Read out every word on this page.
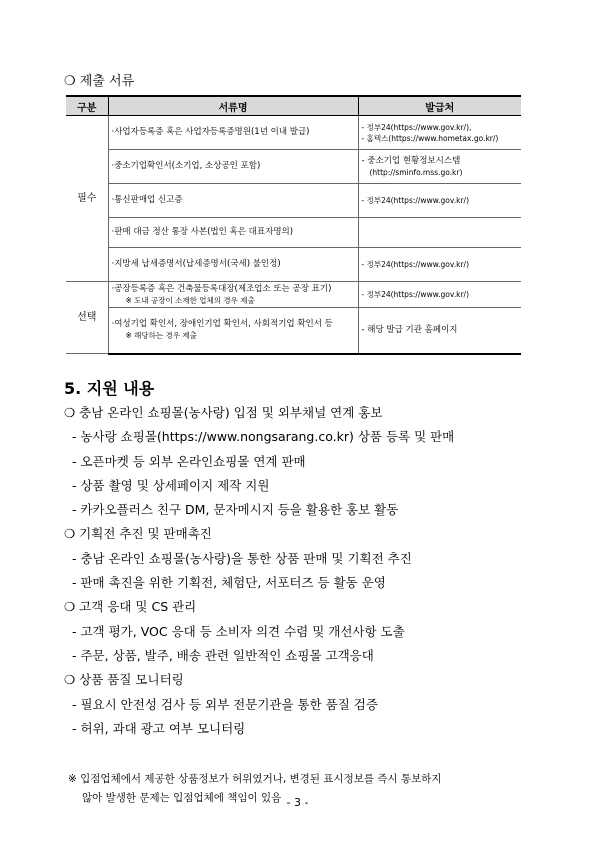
❍ 제출 서류
구분	서류명	발급처
필수	·사업자등록증 혹은 사업자등록증명원(1년 이내 발급)	- 정부24(https://www.gov.kr/),
- 홈텍스(https://www.hometax.go.kr/)

	·중소기업확인서(소기업, 소상공인 포함)	- 중소기업 현황정보시스템
(http://sminfo.mss.go.kr)

	·통신판매업 신고증	- 정부24(https://www.gov.kr/)
	·판매 대금 정산 통장 사본(법인 혹은 대표자명의)	
	·지방세 납세증명서(납세증명서(국세) 불인정)	- 정부24(https://www.gov.kr/)
선택	·공장등록증 혹은 건축물등록대장(제조업소 또는 공장 표기)
※ 도내 공장이 소재한 업체의 경우 제출	- 정부24(https://www.gov.kr/)
	·여성기업 확인서, 장애인기업 확인서, 사회적기업 확인서 등
※ 해당하는 경우 제출	- 해당 발급 기관 홈페이지
5. 지원 내용
❍ 충남 온라인 쇼핑몰(농사랑) 입점 및 외부채널 연계 홍보
- 농사랑 쇼핑몰(https://www.nongsarang.co.kr) 상품 등록 및 판매
- 오픈마켓 등 외부 온라인쇼핑몰 연계 판매
- 상품 촬영 및 상세페이지 제작 지원
- 카카오플러스 친구 DM, 문자메시지 등을 활용한 홍보 활동
❍ 기획전 추진 및 판매촉진
- 충남 온라인 쇼핑몰(농사랑)을 통한 상품 판매 및 기획전 추진
- 판매 촉진을 위한 기획전, 체험단, 서포터즈 등 활동 운영
❍ 고객 응대 및 CS 관리
- 고객 평가, VOC 응대 등 소비자 의견 수렴 및 개선사항 도출
- 주문, 상품, 발주, 배송 관련 일반적인 쇼핑몰 고객응대
❍ 상품 품질 모니터링
- 필요시 안전성 검사 등 외부 전문기관을 통한 품질 검증
- 허위, 과대 광고 여부 모니터링
※ 입점업체에서 제공한 상품정보가 허위였거나, 변경된 표시정보를 즉시 통보하지
않아 발생한 문제는 입점업체에 책임이 있음 - 3 -
